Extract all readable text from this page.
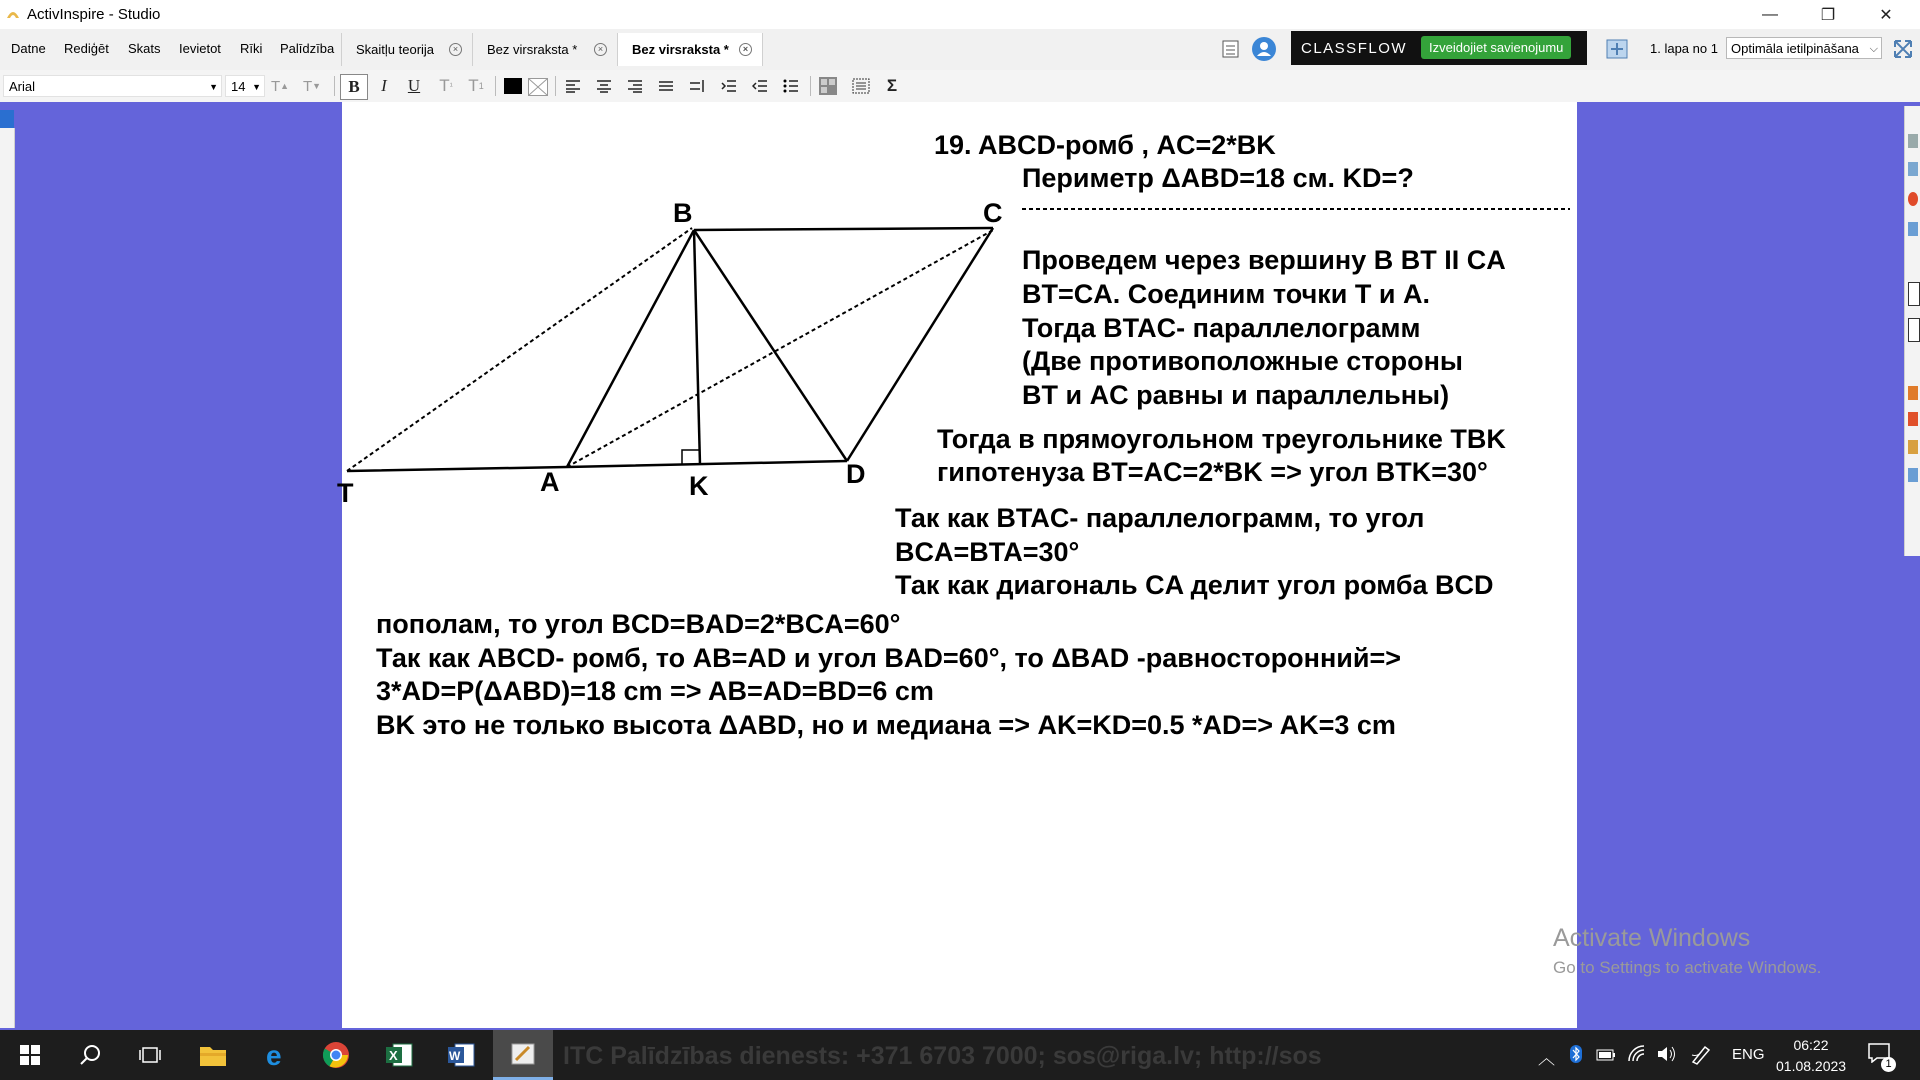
ActivInspire - Studio	—	❐	✕
Datne Rediģēt Skats Ievietot Rīki Palīdzība Skaitļu teorija	× Bez virsraksta *	× Bez virsraksta *	×	CLASSFLOW	Izveidojiet savienojumu	1. lapa no 1	Optimāla ietilpināšana ⌵
Arial	▼	14 ▼ T ▲ T ▼	B	I	U	T ¹ T 1	Σ
T	A	K	D
B	C
19. ABCD-ромб , AC=2*BK
Периметр ΔABD=18 см. KD=?
Проведем через вершину B BT II CA
BT=CA. Соединим точки T и A.
Тогда BTAC- параллелограмм
(Две противоположные стороны
BT и AC равны и параллельны)
Тогда в прямоугольном треугольнике TBK
гипотенуза BT=AC=2*BK => угол BTK=30°
Так как BTAC- параллелограмм, то угол
BCA=BTA=30°
Так как диагональ CA делит угол ромба BCD
пополам, то угол BCD=BAD=2*BCA=60°
Так как ABCD- ромб, то AB=AD и угол BAD=60°, то ΔBAD -равносторонний=>
3*AD=P(ΔABD)=18 cm => AB=AD=BD=6 cm
BK это не только высота ΔABD, но и медиана => AK=KD=0.5 *AD=> AK=3 cm
Activate Windows
Go to Settings to activate Windows.
e	X	W	ITC Palīdzības dienests: +371 6703 7000; sos@riga.lv; http://sos	︿	ENG
06:22
01.08.2023	1
